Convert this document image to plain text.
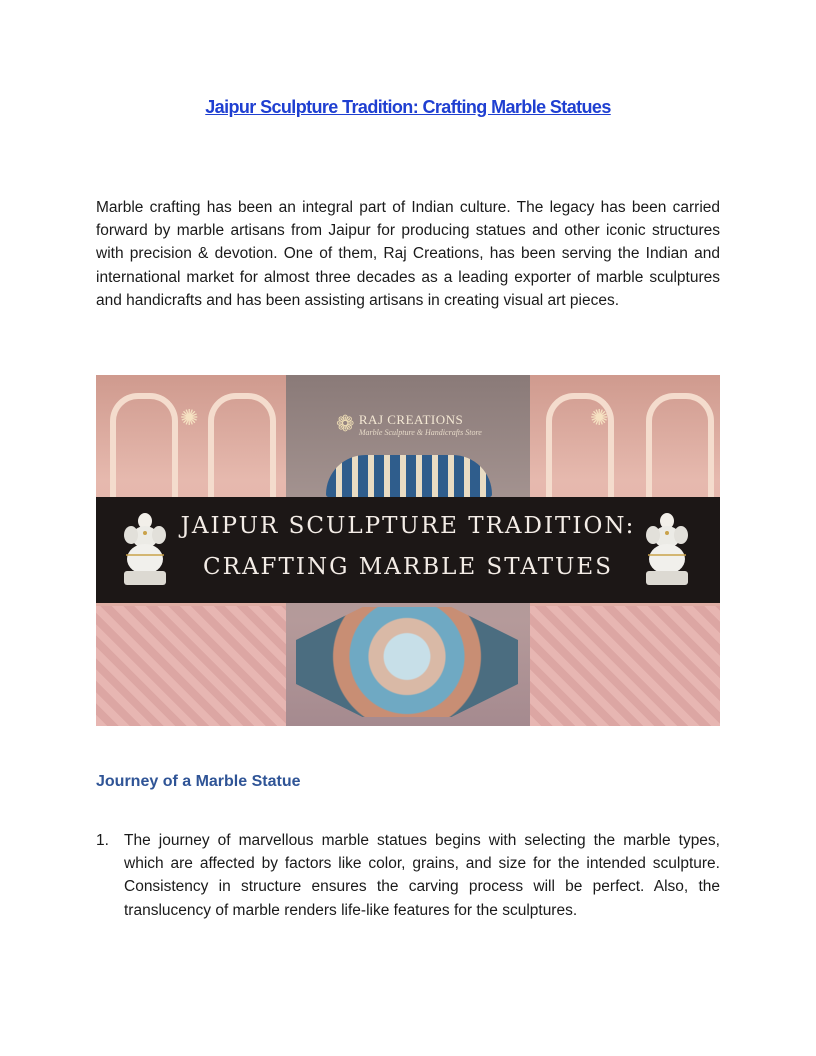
Jaipur Sculpture Tradition: Crafting Marble Statues

Marble crafting has been an integral part of Indian culture. The legacy has been carried forward by marble artisans from Jaipur for producing statues and other iconic structures with precision & devotion. One of them, Raj Creations, has been serving the Indian and international market for almost three decades as a leading exporter of marble sculptures and handicrafts and has been assisting artisans in creating visual art pieces.

✺	✺
❁ RAJ CREATIONS
Marble Sculpture & Handicrafts Store
JAIPUR SCULPTURE TRADITION:
CRAFTING MARBLE STATUES
Journey of a Marble Statue
1. The journey of marvellous marble statues begins with selecting the marble types, which are affected by factors like color, grains, and size for the intended sculpture. Consistency in structure ensures the carving process will be perfect. Also, the translucency of marble renders life-like features for the sculptures.
